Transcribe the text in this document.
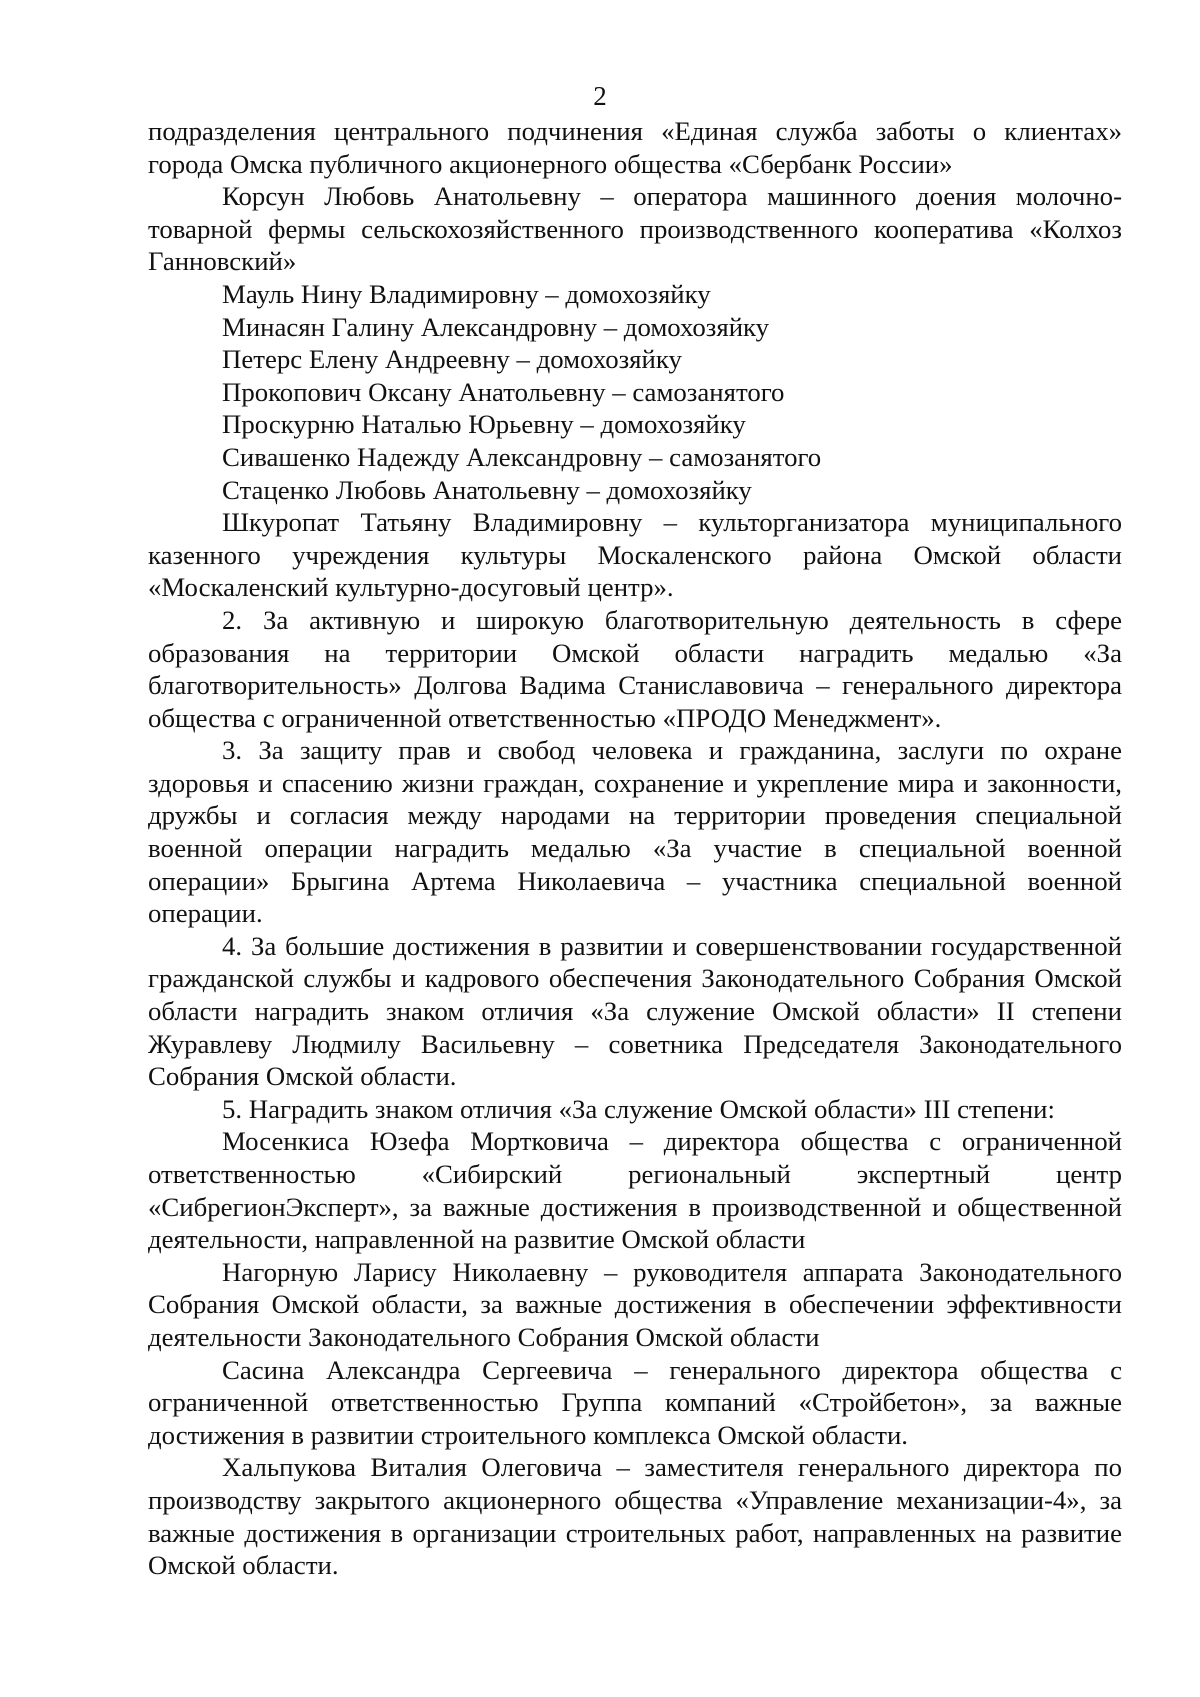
2

подразделения центрального подчинения «Единая служба заботы о клиентах» города Омска публичного акционерного общества «Сбербанк России»

Корсун Любовь Анатольевну – оператора машинного доения молочно-товарной фермы сельскохозяйственного производственного кооператива «Колхоз Ганновский»

Мауль Нину Владимировну – домохозяйку

Минасян Галину Александровну – домохозяйку

Петерс Елену Андреевну – домохозяйку

Прокопович Оксану Анатольевну – самозанятого

Проскурню Наталью Юрьевну – домохозяйку

Сивашенко Надежду Александровну – самозанятого

Стаценко Любовь Анатольевну – домохозяйку

Шкуропат Татьяну Владимировну – культорганизатора муниципального казенного учреждения культуры Москаленского района Омской области «Москаленский культурно-досуговый центр».

2. За активную и широкую благотворительную деятельность в сфере образования на территории Омской области наградить медалью «За благотворительность» Долгова Вадима Станиславовича – генерального директора общества с ограниченной ответственностью «ПРОДО Менеджмент».

3. За защиту прав и свобод человека и гражданина, заслуги по охране здоровья и спасению жизни граждан, сохранение и укрепление мира и законности, дружбы и согласия между народами на территории проведения специальной военной операции наградить медалью «За участие в специальной военной операции» Брыгина Артема Николаевича – участника специальной военной операции.

4. За большие достижения в развитии и совершенствовании государственной гражданской службы и кадрового обеспечения Законодательного Собрания Омской области наградить знаком отличия «За служение Омской области» II степени Журавлеву Людмилу Васильевну – советника Председателя Законодательного Собрания Омской области.

5. Наградить знаком отличия «За служение Омской области» III степени:

Мосенкиса Юзефа Мортковича – директора общества с ограниченной ответственностью «Сибирский региональный экспертный центр «СибрегионЭксперт», за важные достижения в производственной и общественной деятельности, направленной на развитие Омской области

Нагорную Ларису Николаевну – руководителя аппарата Законодательного Собрания Омской области, за важные достижения в обеспечении эффективности деятельности Законодательного Собрания Омской области

Сасина Александра Сергеевича – генерального директора общества с ограниченной ответственностью Группа компаний «Стройбетон», за важные достижения в развитии строительного комплекса Омской области.

Хальпукова Виталия Олеговича – заместителя генерального директора по производству закрытого акционерного общества «Управление механизации-4», за важные достижения в организации строительных работ, направленных на развитие Омской области.
